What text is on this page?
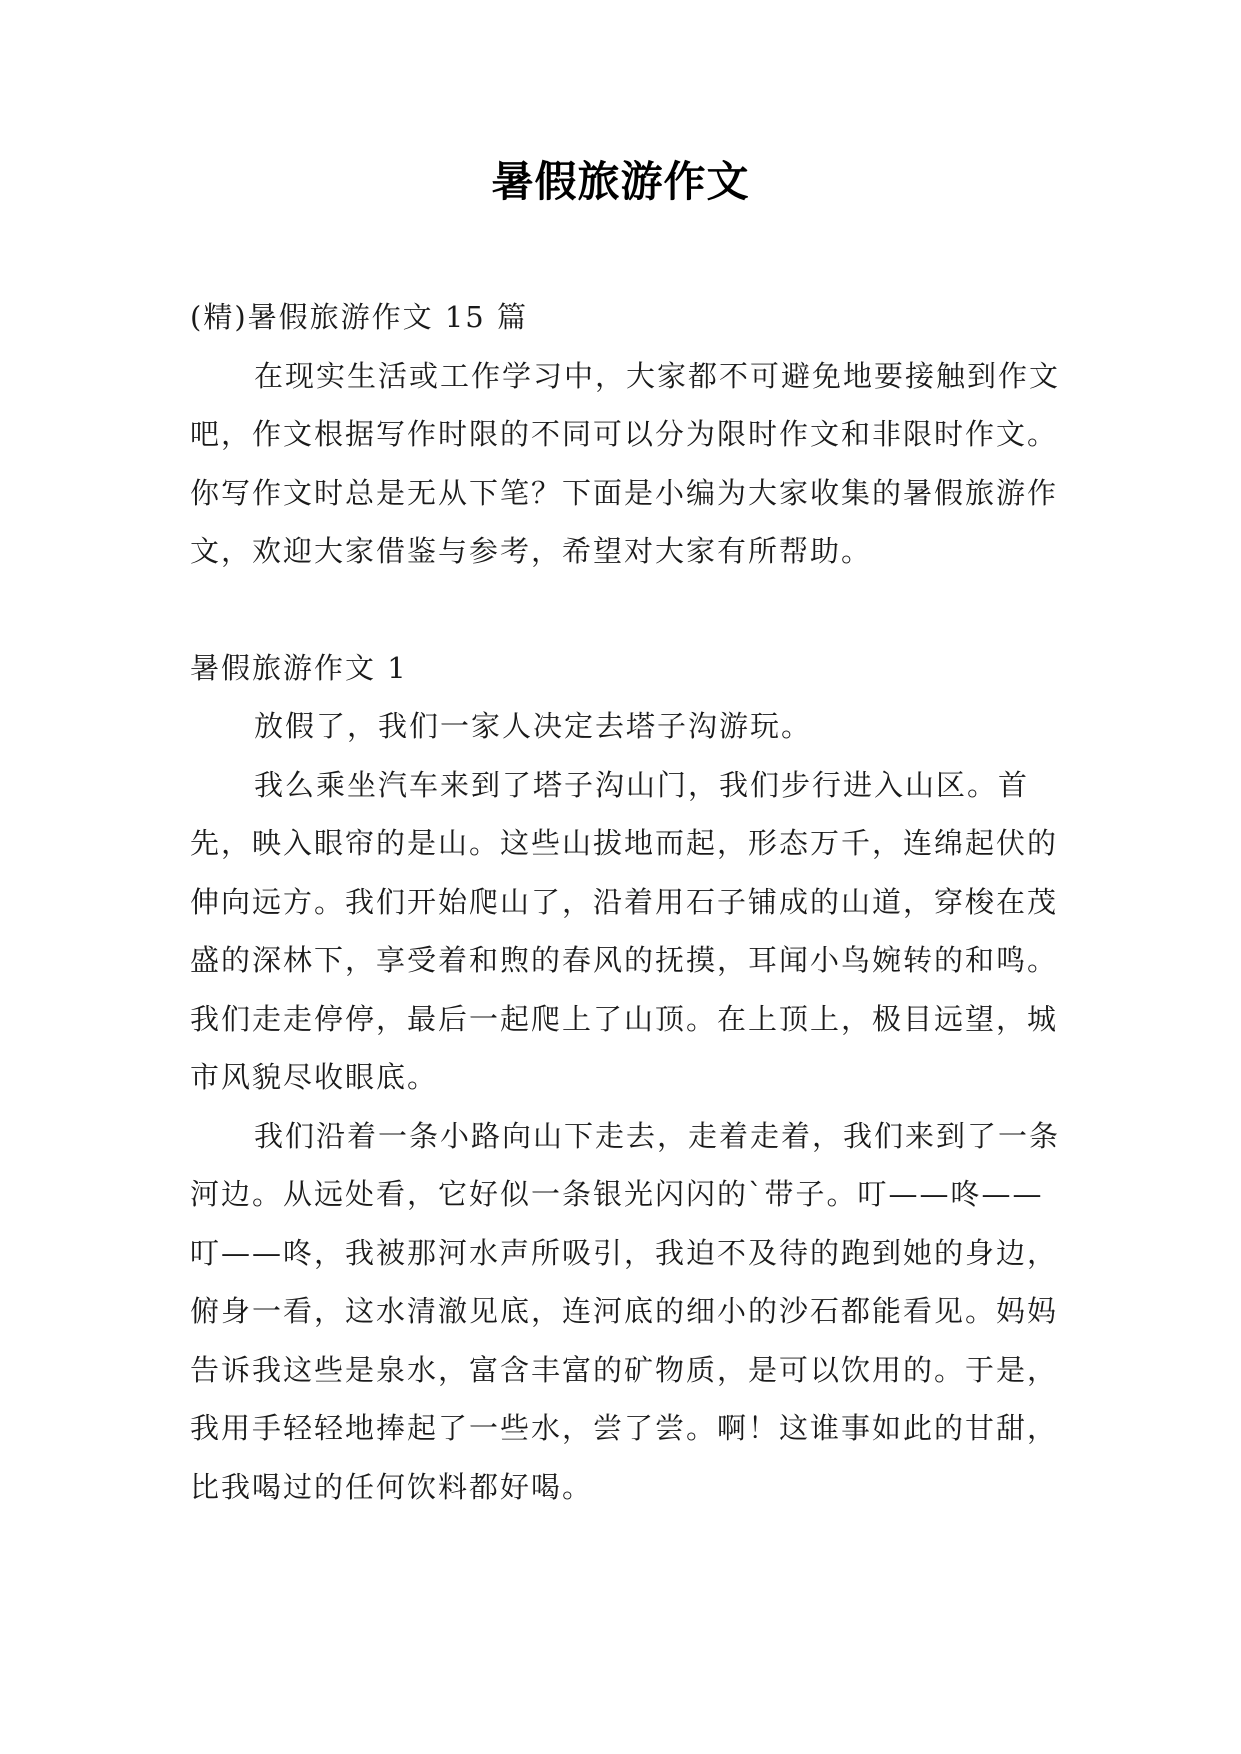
暑假旅游作文

(精)暑假旅游作文 15 篇

在现实生活或工作学习中，大家都不可避免地要接触到作文吧，作文根据写作时限的不同可以分为限时作文和非限时作文。你写作文时总是无从下笔？下面是小编为大家收集的暑假旅游作文，欢迎大家借鉴与参考，希望对大家有所帮助。

暑假旅游作文 1

放假了，我们一家人决定去塔子沟游玩。

我么乘坐汽车来到了塔子沟山门，我们步行进入山区。首先，映入眼帘的是山。这些山拔地而起，形态万千，连绵起伏的伸向远方。我们开始爬山了，沿着用石子铺成的山道，穿梭在茂盛的深林下，享受着和煦的春风的抚摸，耳闻小鸟婉转的和鸣。我们走走停停，最后一起爬上了山顶。在上顶上，极目远望，城市风貌尽收眼底。

我们沿着一条小路向山下走去，走着走着，我们来到了一条河边。从远处看，它好似一条银光闪闪的`带子。叮——咚——叮——咚，我被那河水声所吸引，我迫不及待的跑到她的身边，俯身一看，这水清澈见底，连河底的细小的沙石都能看见。妈妈告诉我这些是泉水，富含丰富的矿物质，是可以饮用的。于是，我用手轻轻地捧起了一些水，尝了尝。啊！这谁事如此的甘甜，比我喝过的任何饮料都好喝。
